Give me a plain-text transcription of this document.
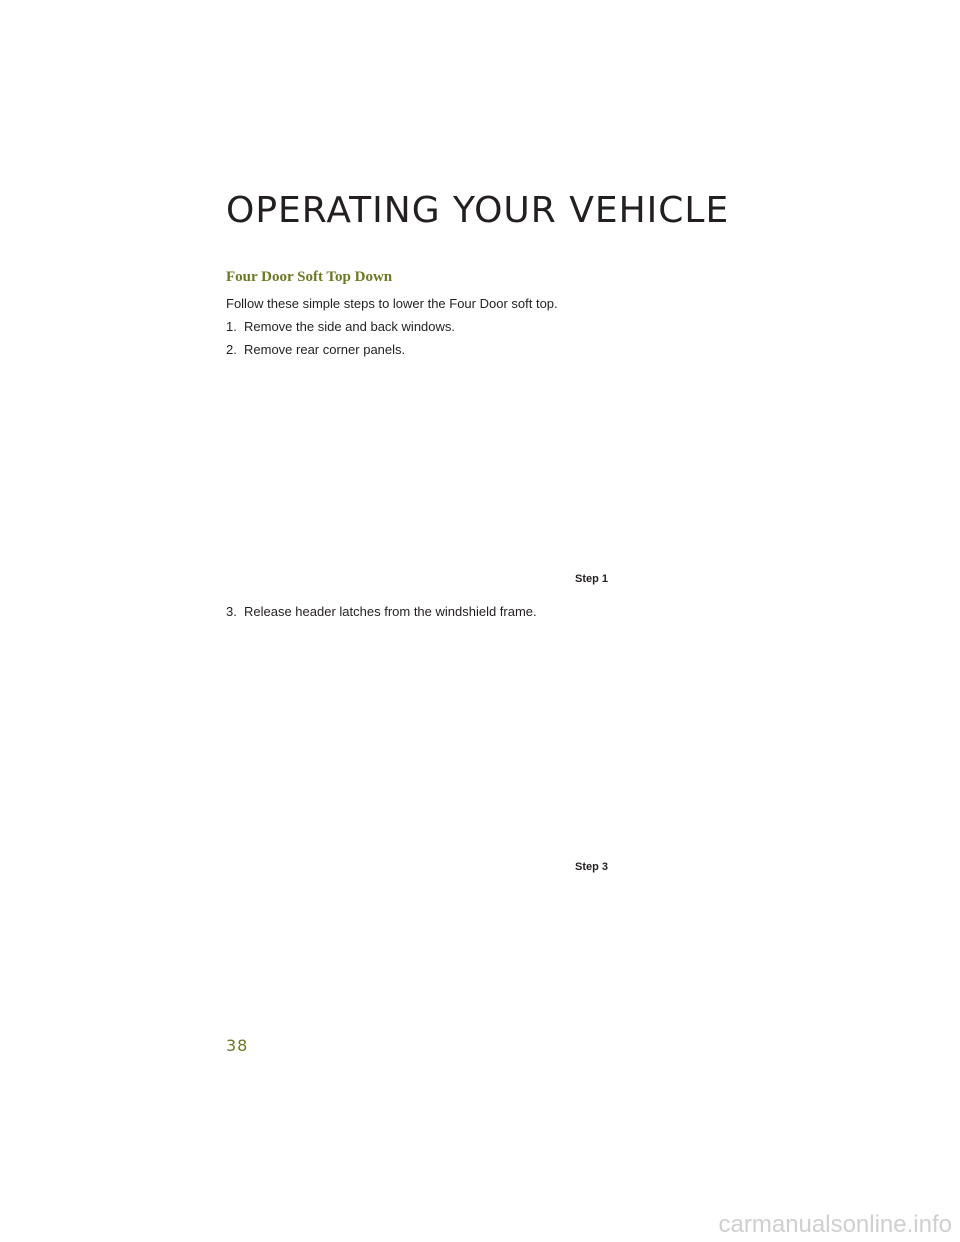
OPERATING YOUR VEHICLE
Four Door Soft Top Down
Follow these simple steps to lower the Four Door soft top.
1. Remove the side and back windows.
2. Remove rear corner panels.
Step 1
3. Release header latches from the windshield frame.
Step 3
38
carmanualsonline.info
